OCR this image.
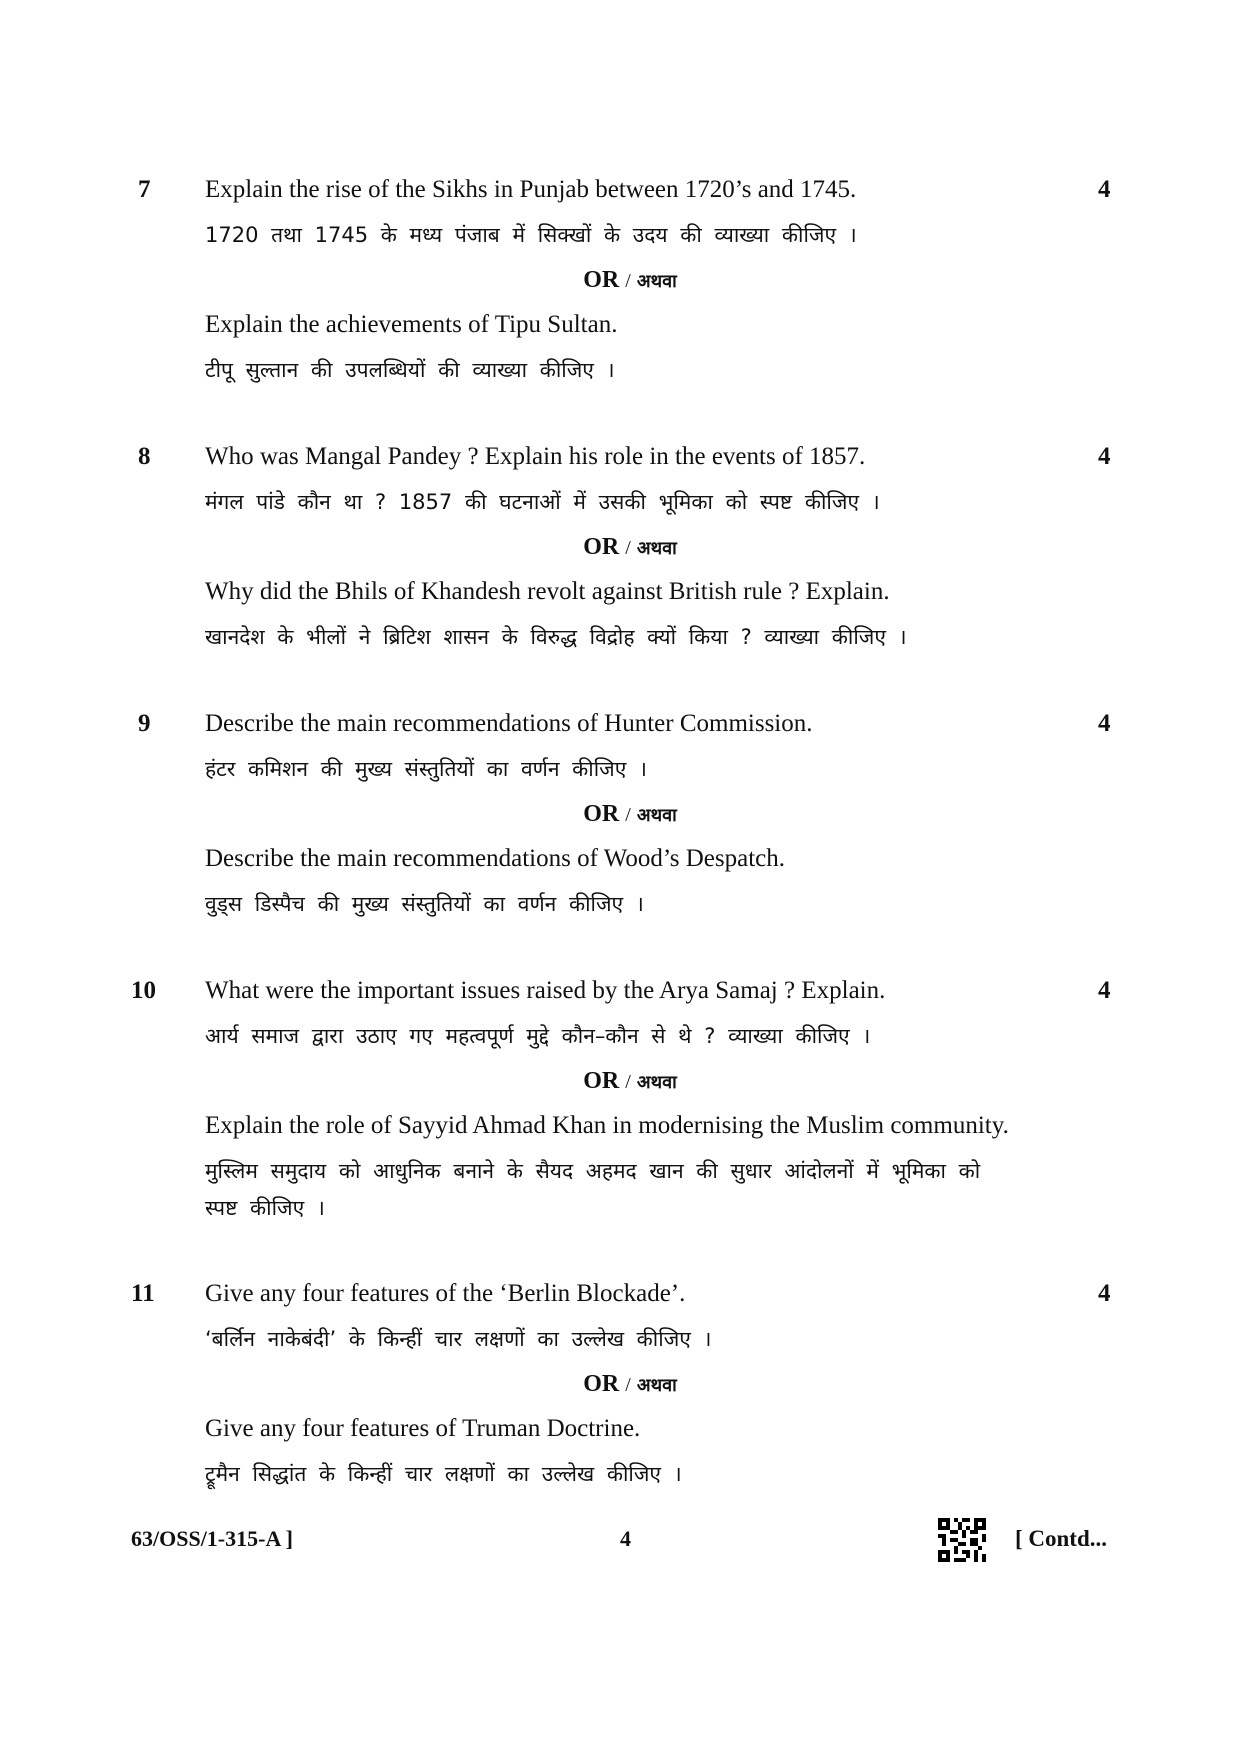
7	4
Explain the rise of the Sikhs in Punjab between 1720’s and 1745.
1720 तथा 1745 के मध्य पंजाब में सिक्खों के उदय की व्याख्या कीजिए ।
OR / अथवा
Explain the achievements of Tipu Sultan.
टीपू सुल्तान की उपलब्धियों की व्याख्या कीजिए ।
8	4
Who was Mangal Pandey ? Explain his role in the events of 1857.
मंगल पांडे कौन था ? 1857 की घटनाओं में उसकी भूमिका को स्पष्ट कीजिए ।
OR / अथवा
Why did the Bhils of Khandesh revolt against British rule ? Explain.
खानदेश के भीलों ने ब्रिटिश शासन के विरुद्ध विद्रोह क्यों किया ? व्याख्या कीजिए ।
9	4
Describe the main recommendations of Hunter Commission.
हंटर कमिशन की मुख्य संस्तुतियों का वर्णन कीजिए ।
OR / अथवा
Describe the main recommendations of Wood’s Despatch.
वुड्स डिस्पैच की मुख्य संस्तुतियों का वर्णन कीजिए ।
10	4
What were the important issues raised by the Arya Samaj ? Explain.
आर्य समाज द्वारा उठाए गए महत्वपूर्ण मुद्दे कौन–कौन से थे ? व्याख्या कीजिए ।
OR / अथवा
Explain the role of Sayyid Ahmad Khan in modernising the Muslim community.
मुस्लिम समुदाय को आधुनिक बनाने के सैयद अहमद खान की सुधार आंदोलनों में भूमिका को
स्पष्ट कीजिए ।
11	4
Give any four features of the ‘Berlin Blockade’.
‘बर्लिन नाकेबंदी’ के किन्हीं चार लक्षणों का उल्लेख कीजिए ।
OR / अथवा
Give any four features of Truman Doctrine.
ट्रूमैन सिद्धांत के किन्हीं चार लक्षणों का उल्लेख कीजिए ।
63/OSS/1-315-A ]	4	[ Contd...
